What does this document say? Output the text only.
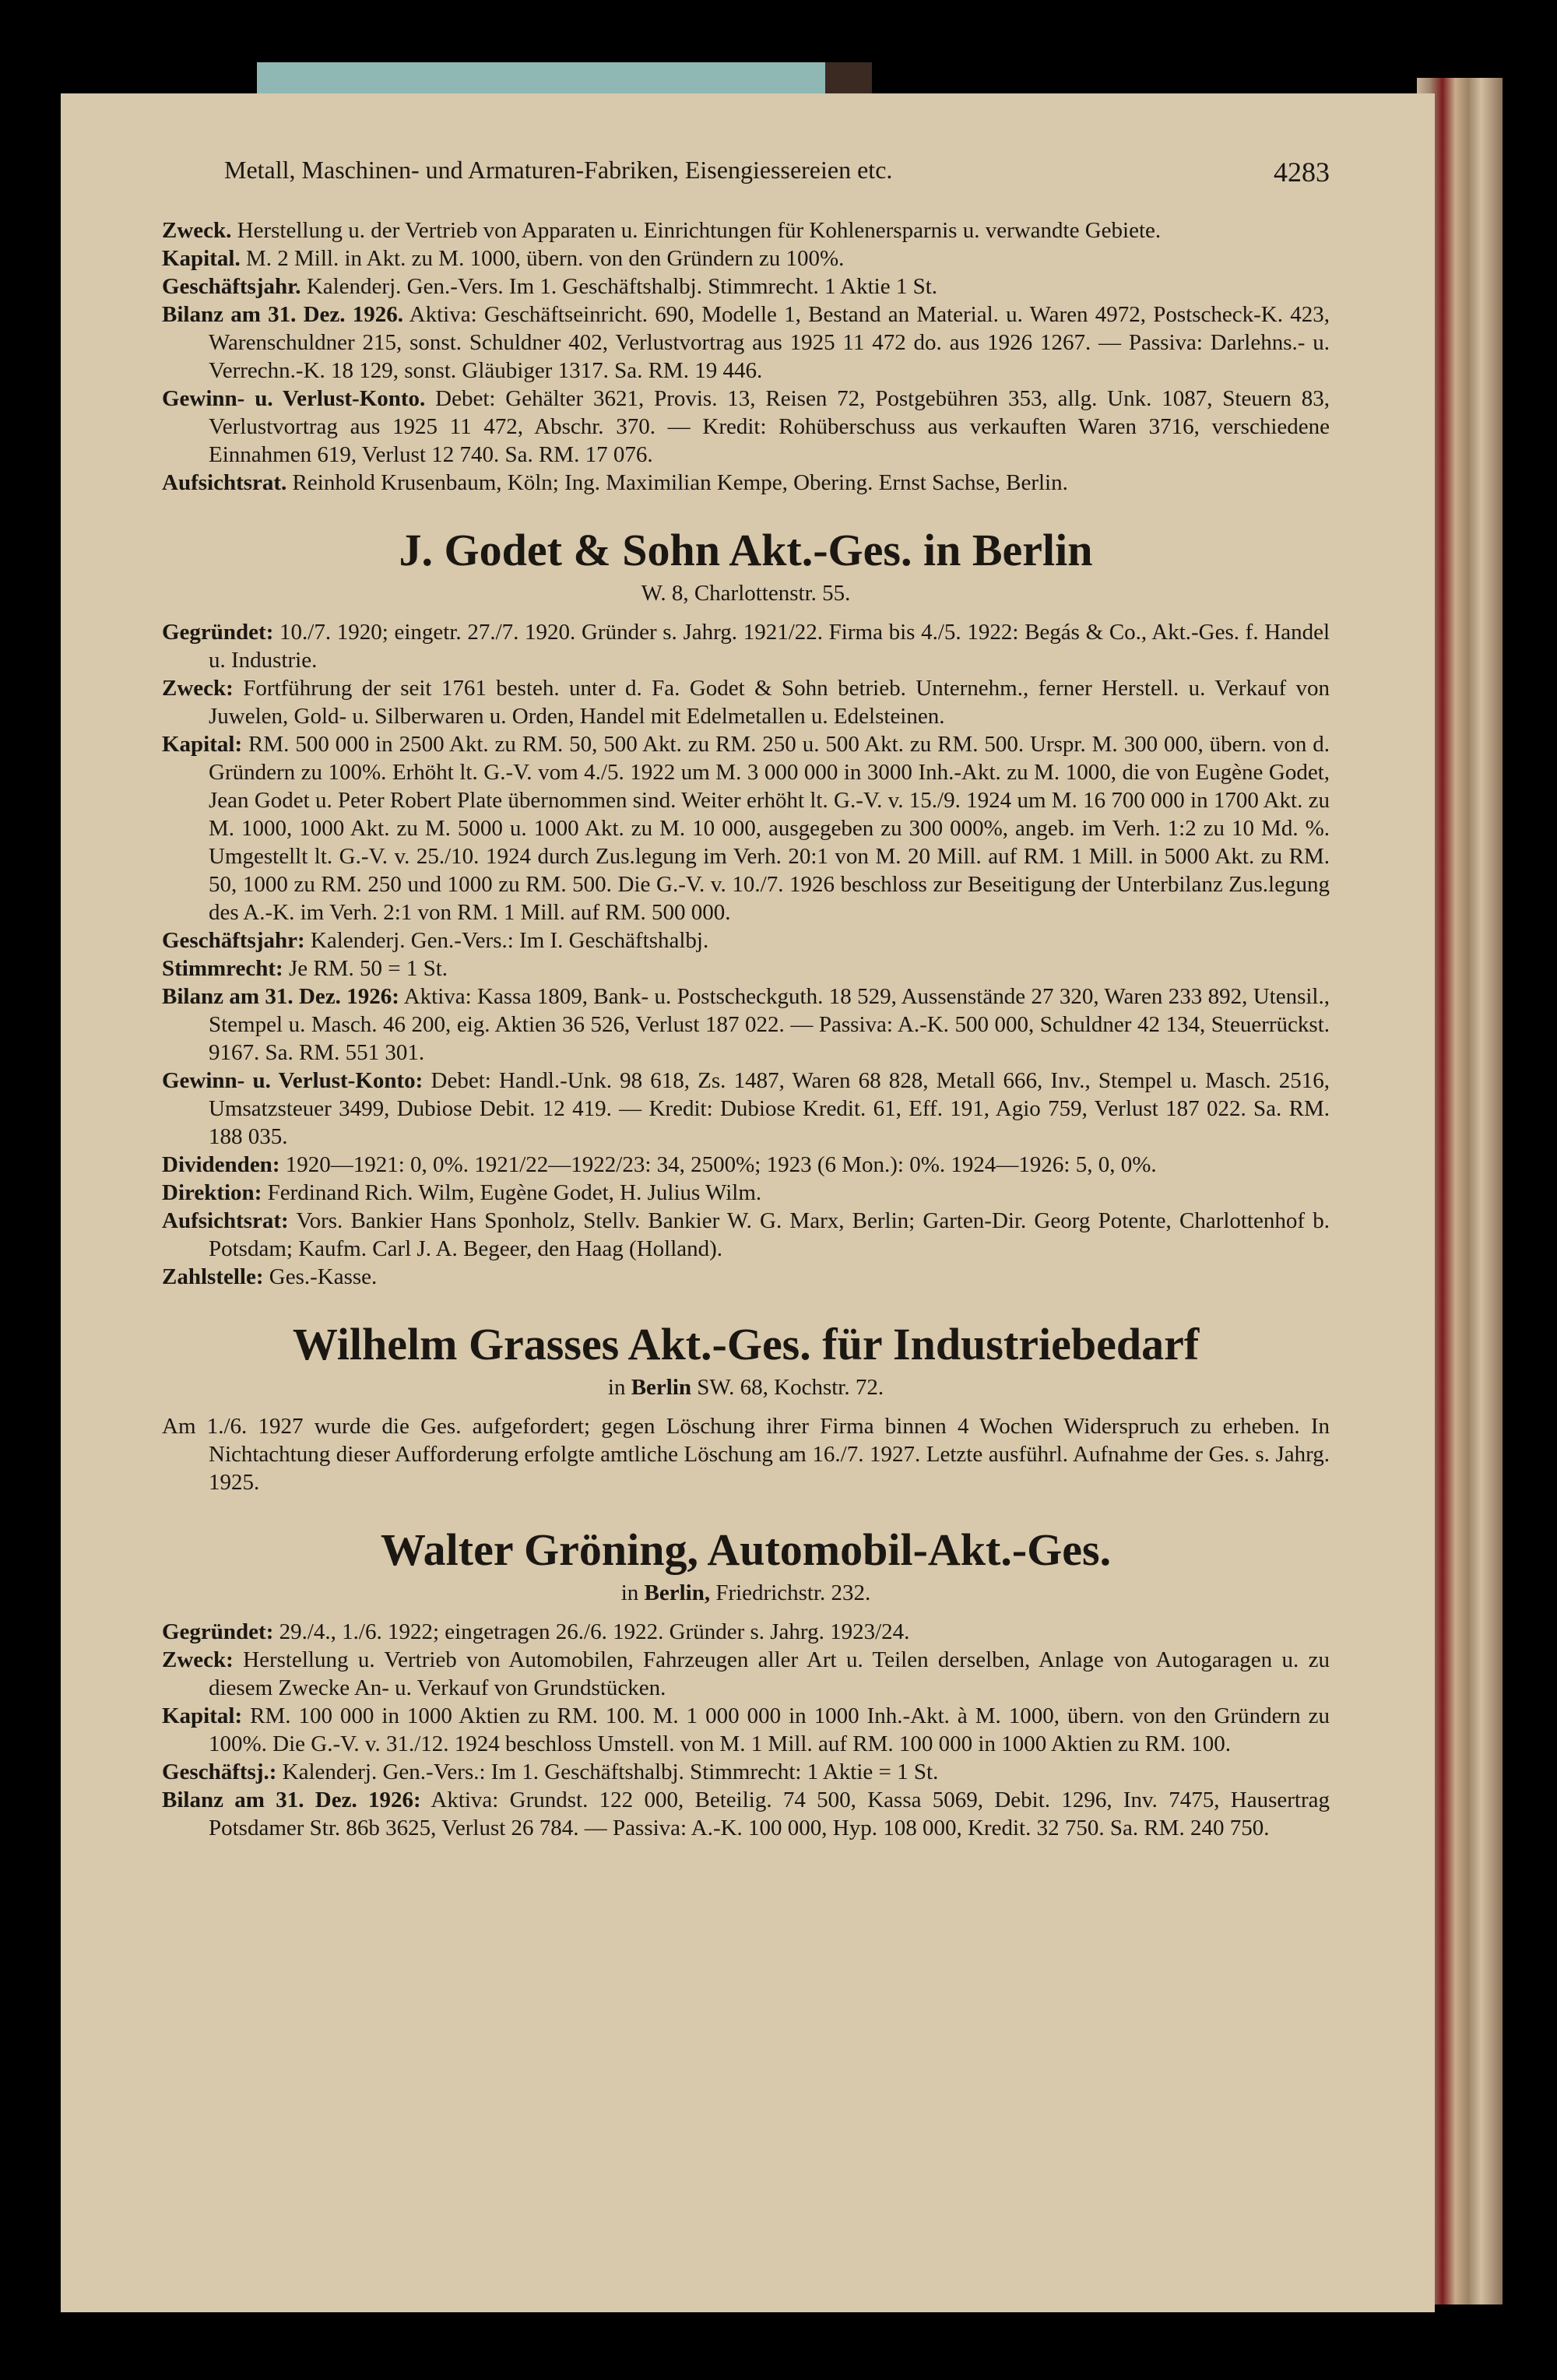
Metall, Maschinen- und Armaturen-Fabriken, Eisengiessereien etc.	4283

Zweck. Herstellung u. der Vertrieb von Apparaten u. Einrichtungen für Kohlenersparnis u. verwandte Gebiete.

Kapital. M. 2 Mill. in Akt. zu M. 1000, übern. von den Gründern zu 100%.

Geschäftsjahr. Kalenderj. Gen.-Vers. Im 1. Geschäftshalbj. Stimmrecht. 1 Aktie 1 St.

Bilanz am 31. Dez. 1926. Aktiva: Geschäftseinricht. 690, Modelle 1, Bestand an Material. u. Waren 4972, Postscheck-K. 423, Warenschuldner 215, sonst. Schuldner 402, Verlustvortrag aus 1925 11 472 do. aus 1926 1267. — Passiva: Darlehns.- u. Verrechn.-K. 18 129, sonst. Gläubiger 1317. Sa. RM. 19 446.

Gewinn- u. Verlust-Konto. Debet: Gehälter 3621, Provis. 13, Reisen 72, Postgebühren 353, allg. Unk. 1087, Steuern 83, Verlustvortrag aus 1925 11 472, Abschr. 370. — Kredit: Rohüberschuss aus verkauften Waren 3716, verschiedene Einnahmen 619, Verlust 12 740. Sa. RM. 17 076.

Aufsichtsrat. Reinhold Krusenbaum, Köln; Ing. Maximilian Kempe, Obering. Ernst Sachse, Berlin.

J. Godet & Sohn Akt.-Ges. in Berlin
W. 8, Charlottenstr. 55.

Gegründet: 10./7. 1920; eingetr. 27./7. 1920. Gründer s. Jahrg. 1921/22. Firma bis 4./5. 1922: Begás & Co., Akt.-Ges. f. Handel u. Industrie.

Zweck: Fortführung der seit 1761 besteh. unter d. Fa. Godet & Sohn betrieb. Unternehm., ferner Herstell. u. Verkauf von Juwelen, Gold- u. Silberwaren u. Orden, Handel mit Edelmetallen u. Edelsteinen.

Kapital: RM. 500 000 in 2500 Akt. zu RM. 50, 500 Akt. zu RM. 250 u. 500 Akt. zu RM. 500. Urspr. M. 300 000, übern. von d. Gründern zu 100%. Erhöht lt. G.-V. vom 4./5. 1922 um M. 3 000 000 in 3000 Inh.-Akt. zu M. 1000, die von Eugène Godet, Jean Godet u. Peter Robert Plate übernommen sind. Weiter erhöht lt. G.-V. v. 15./9. 1924 um M. 16 700 000 in 1700 Akt. zu M. 1000, 1000 Akt. zu M. 5000 u. 1000 Akt. zu M. 10 000, ausgegeben zu 300 000%, angeb. im Verh. 1:2 zu 10 Md. %. Umgestellt lt. G.-V. v. 25./10. 1924 durch Zus.legung im Verh. 20:1 von M. 20 Mill. auf RM. 1 Mill. in 5000 Akt. zu RM. 50, 1000 zu RM. 250 und 1000 zu RM. 500. Die G.-V. v. 10./7. 1926 beschloss zur Beseitigung der Unterbilanz Zus.legung des A.-K. im Verh. 2:1 von RM. 1 Mill. auf RM. 500 000.

Geschäftsjahr: Kalenderj. Gen.-Vers.: Im I. Geschäftshalbj.

Stimmrecht: Je RM. 50 = 1 St.

Bilanz am 31. Dez. 1926: Aktiva: Kassa 1809, Bank- u. Postscheckguth. 18 529, Aussenstände 27 320, Waren 233 892, Utensil., Stempel u. Masch. 46 200, eig. Aktien 36 526, Verlust 187 022. — Passiva: A.-K. 500 000, Schuldner 42 134, Steuerrückst. 9167. Sa. RM. 551 301.

Gewinn- u. Verlust-Konto: Debet: Handl.-Unk. 98 618, Zs. 1487, Waren 68 828, Metall 666, Inv., Stempel u. Masch. 2516, Umsatzsteuer 3499, Dubiose Debit. 12 419. — Kredit: Dubiose Kredit. 61, Eff. 191, Agio 759, Verlust 187 022. Sa. RM. 188 035.

Dividenden: 1920—1921: 0, 0%. 1921/22—1922/23: 34, 2500%; 1923 (6 Mon.): 0%. 1924—1926: 5, 0, 0%.

Direktion: Ferdinand Rich. Wilm, Eugène Godet, H. Julius Wilm.

Aufsichtsrat: Vors. Bankier Hans Sponholz, Stellv. Bankier W. G. Marx, Berlin; Garten-Dir. Georg Potente, Charlottenhof b. Potsdam; Kaufm. Carl J. A. Begeer, den Haag (Holland).

Zahlstelle: Ges.-Kasse.

Wilhelm Grasses Akt.-Ges. für Industriebedarf
in Berlin SW. 68, Kochstr. 72.

Am 1./6. 1927 wurde die Ges. aufgefordert; gegen Löschung ihrer Firma binnen 4 Wochen Widerspruch zu erheben. In Nichtachtung dieser Aufforderung erfolgte amtliche Löschung am 16./7. 1927. Letzte ausführl. Aufnahme der Ges. s. Jahrg. 1925.

Walter Gröning, Automobil-Akt.-Ges.
in Berlin, Friedrichstr. 232.

Gegründet: 29./4., 1./6. 1922; eingetragen 26./6. 1922. Gründer s. Jahrg. 1923/24.

Zweck: Herstellung u. Vertrieb von Automobilen, Fahrzeugen aller Art u. Teilen derselben, Anlage von Autogaragen u. zu diesem Zwecke An- u. Verkauf von Grundstücken.

Kapital: RM. 100 000 in 1000 Aktien zu RM. 100. M. 1 000 000 in 1000 Inh.-Akt. à M. 1000, übern. von den Gründern zu 100%. Die G.-V. v. 31./12. 1924 beschloss Umstell. von M. 1 Mill. auf RM. 100 000 in 1000 Aktien zu RM. 100.

Geschäftsj.: Kalenderj. Gen.-Vers.: Im 1. Geschäftshalbj. Stimmrecht: 1 Aktie = 1 St.

Bilanz am 31. Dez. 1926: Aktiva: Grundst. 122 000, Beteilig. 74 500, Kassa 5069, Debit. 1296, Inv. 7475, Hausertrag Potsdamer Str. 86b 3625, Verlust 26 784. — Passiva: A.-K. 100 000, Hyp. 108 000, Kredit. 32 750. Sa. RM. 240 750.
